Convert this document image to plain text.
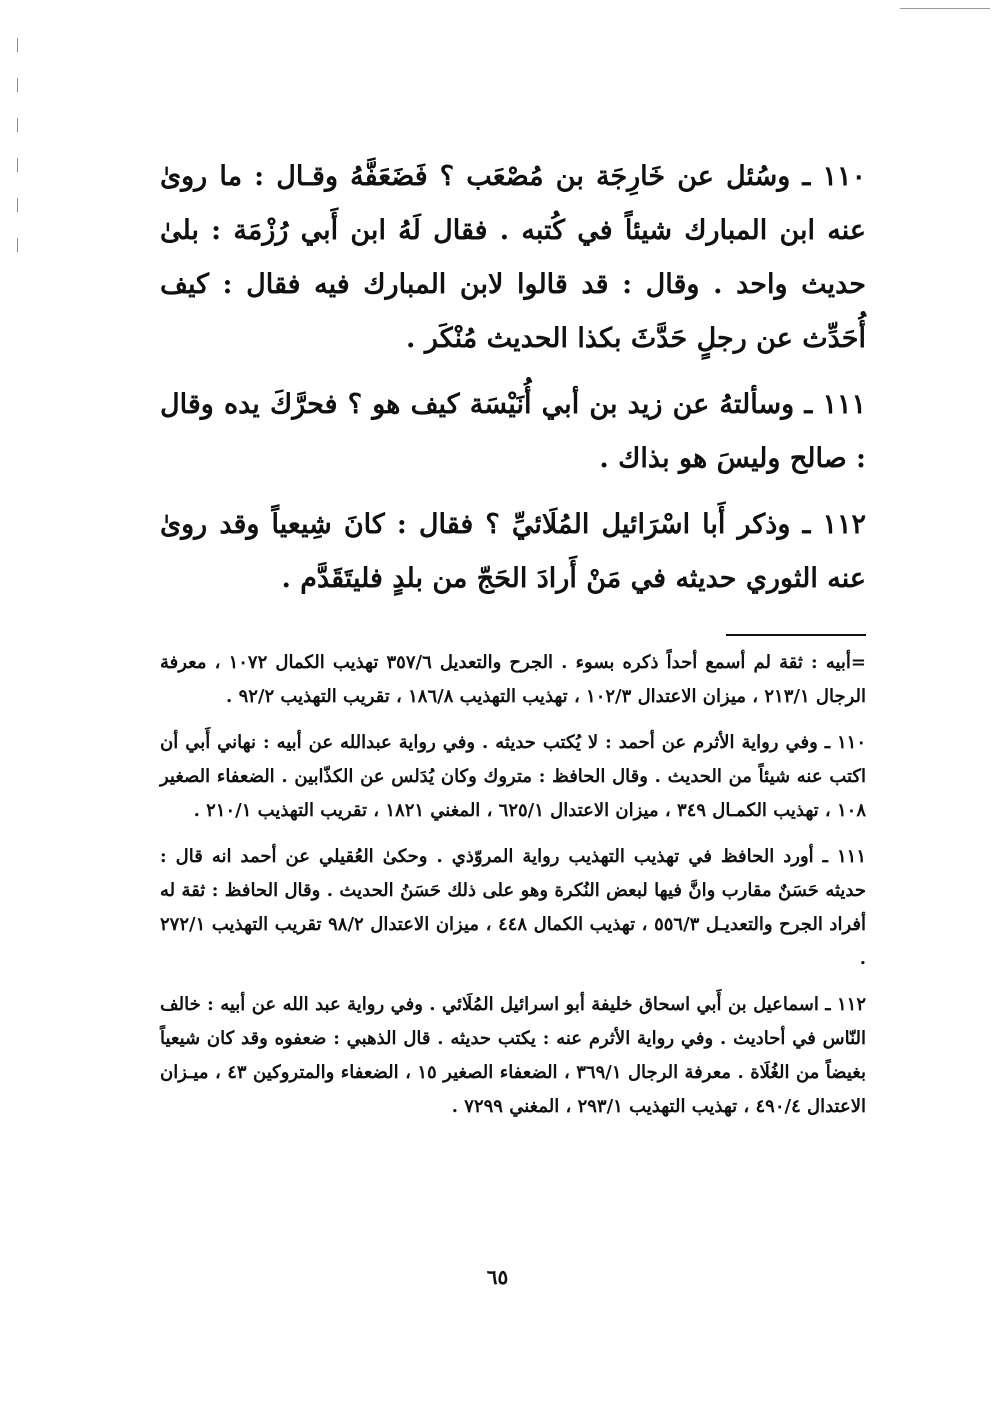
١١٠ ـ وسُئل عن خَارِجَة بن مُصْعَب ؟ فَضَعَفَّهُ وقـال : ما روىٰ عنه ابن المبارك شيئاً في كُتبه . فقال لَهُ ابن أَبي رُزْمَة : بلىٰ حديث واحد . وقال : قد قالوا لابن المبارك فيه فقال : كيف أُحَدِّث عن رجلٍ حَدَّثَ بكذا الحديث مُنْكَر .

١١١ ـ وسألتهُ عن زيد بن أبي أُنَيْسَة كيف هو ؟ فحرَّكَ يده وقال : صالح وليسَ هو بذاك .

١١٢ ـ وذكر أَبا اسْرَائيل المُلَائيِّ ؟ فقال : كانَ شِيعياً وقد روىٰ عنه الثوري حديثه في مَنْ أَرادَ الحَجّ من بلدٍ فليتَقَدَّم .

=أبيه : ثقة لم أسمع أحداً ذكره بسوء . الجرح والتعديل ٣٥٧/٦ تهذيب الكمال ١٠٧٢ ، معرفة الرجال ٢١٣/١ ، ميزان الاعتدال ١٠٢/٣ ، تهذيب التهذيب ١٨٦/٨ ، تقريب التهذيب ٩٢/٢ .

١١٠ ـ وفي رواية الأثرم عن أحمد : لا يُكتب حديثه . وفي رواية عبدالله عن أبيه : نهاني أَبي أن اكتب عنه شيئاً من الحديث . وقال الحافظ : متروك وكان يُدَلس عن الكذّابين . الضعفاء الصغير ١٠٨ ، تهذيب الكمـال ٣٤٩ ، ميزان الاعتدال ٦٢٥/١ ، المغني ١٨٢١ ، تقريب التهذيب ٢١٠/١ .

١١١ ـ أورد الحافظ في تهذيب التهذيب رواية المروّذي . وحكىٰ العُقيلي عن أحمد انه قال : حديثه حَسَنٌ مقارب وانَّ فيها لبعض النُكرة وهو على ذلك حَسَنُ الحديث . وقال الحافظ : ثقة له أفراد الجرح والتعديـل ٥٥٦/٣ ، تهذيب الكمال ٤٤٨ ، ميزان الاعتدال ٩٨/٢ تقريب التهذيب ٢٧٢/١ .

١١٢ ـ اسماعيل بن أَبي اسحاق خليفة أبو اسرائيل المُلَائي . وفي رواية عبد الله عن أبيه : خالف النّاس في أحاديث . وفي رواية الأثرم عنه : يكتب حديثه . قال الذهبي : ضعفوه وقد كان شيعياً بغيضاً من الغُلَاة . معرفة الرجال ٣٦٩/١ ، الضعفاء الصغير ١٥ ، الضعفاء والمتروكين ٤٣ ، ميـزان الاعتدال ٤٩٠/٤ ، تهذيب التهذيب ٢٩٣/١ ، المغني ٧٢٩٩ .

٦٥
